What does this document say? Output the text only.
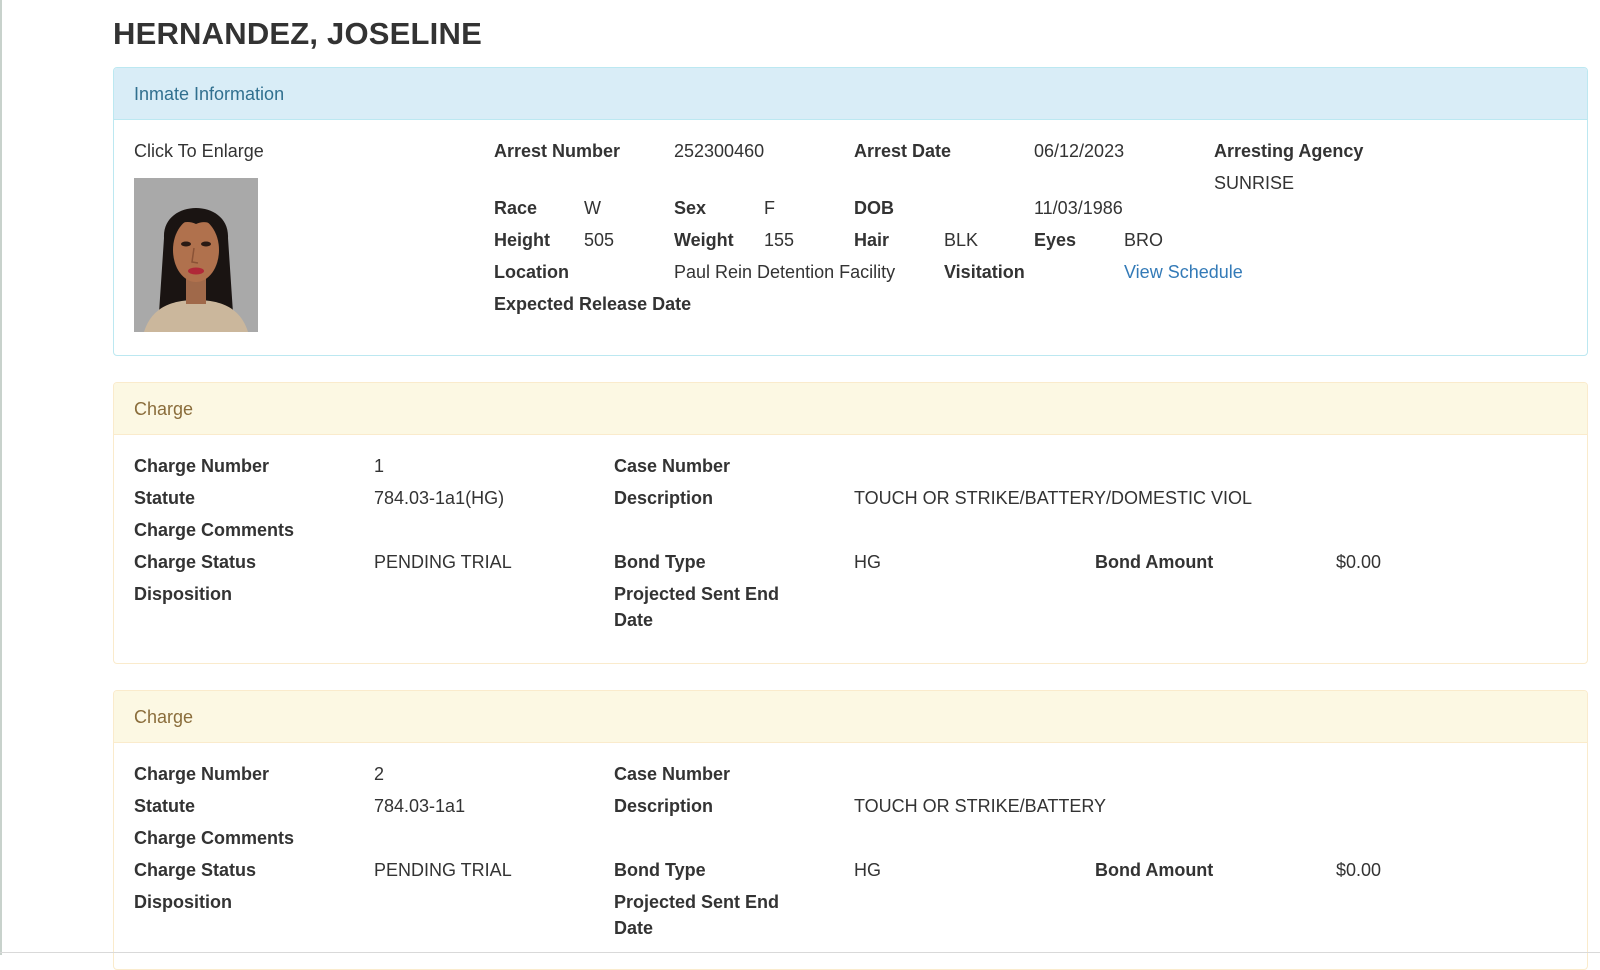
HERNANDEZ, JOSELINE
Inmate Information
Click To Enlarge	Arrest Number	252300460	Arrest Date	06/12/2023	Arresting Agency
SUNRISE
Race	W	Sex	F	DOB	11/03/1986
Height 505	Weight 155	Hair	BLK	Eyes	BRO
Location	Paul Rein Detention Facility	Visitation	View Schedule
Expected Release Date
Charge
Charge Number	1	Case Number
Statute	784.03-1a1(HG)	Description	TOUCH OR STRIKE/BATTERY/DOMESTIC VIOL
Charge Comments
Charge Status	PENDING TRIAL	Bond Type	HG	Bond Amount	$0.00
Disposition	Projected Sent End Date
Charge
Charge Number	2	Case Number
Statute	784.03-1a1	Description	TOUCH OR STRIKE/BATTERY
Charge Comments
Charge Status	PENDING TRIAL	Bond Type	HG	Bond Amount	$0.00
Disposition	Projected Sent End Date
